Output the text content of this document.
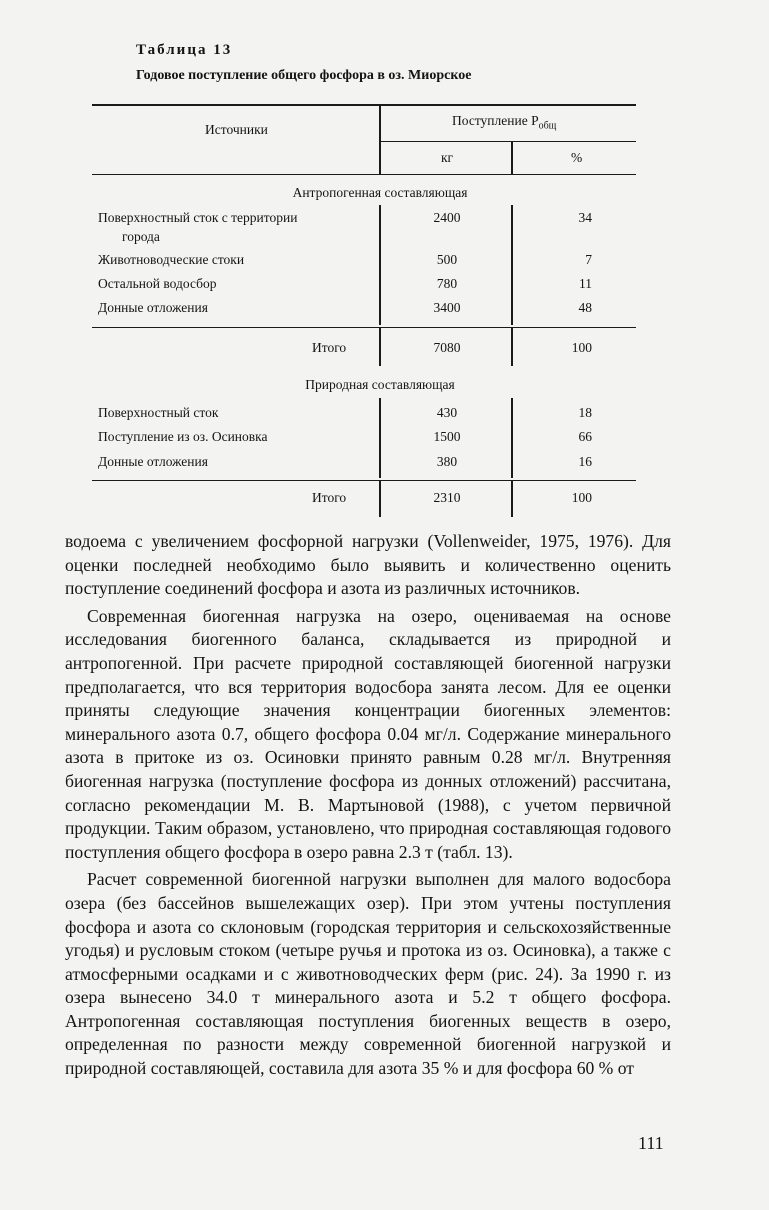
Таблица 13
Годовое поступление общего фосфора в оз. Миорское
Источники
Поступление $P_{общ}$
кг	%
Антропогенная составляющая
Поверхностный сток с территории
города
2400	34
Животноводческие стоки	500	7
Остальной водосбор	780	11
Донные отложения	3400	48
Итого	7080	100
Природная составляющая
Поверхностный сток	430	18
Поступление из оз. Осиновка	1500	66
Донные отложения	380	16
Итого	2310	100

водоема с увеличением фосфорной нагрузки (Vollenweider, 1975, 1976). Для оценки последней необходимо было выявить и количественно оценить поступление соединений фосфора и азота из различных источников.

Современная биогенная нагрузка на озеро, оцениваемая на основе исследования биогенного баланса, складывается из природной и антропогенной. При расчете природной составляющей биогенной нагрузки предполагается, что вся территория водосбора занята лесом. Для ее оценки приняты следующие значения концентрации биогенных элементов: минерального азота 0.7, общего фосфора 0.04 мг/л. Содержание минерального азота в притоке из оз. Осиновки принято равным 0.28 мг/л. Внутренняя биогенная нагрузка (поступление фосфора из донных отложений) рассчитана, согласно рекомендации М. В. Мартыновой (1988), с учетом первичной продукции. Таким образом, установлено, что природная составляющая годового поступления общего фосфора в озеро равна 2.3 т (табл. 13).

Расчет современной биогенной нагрузки выполнен для малого водосбора озера (без бассейнов вышележащих озер). При этом учтены поступления фосфора и азота со склоновым (городская территория и сельскохозяйственные угодья) и русловым стоком (четыре ручья и протока из оз. Осиновка), а также с атмосферными осадками и с животноводческих ферм (рис. 24). За 1990 г. из озера вынесено 34.0 т минерального азота и 5.2 т общего фосфора. Антропогенная составляющая поступления биогенных веществ в озеро, определенная по разности между современной биогенной нагрузкой и природной составляющей, составила для азота 35 % и для фосфора 60 % от

111
